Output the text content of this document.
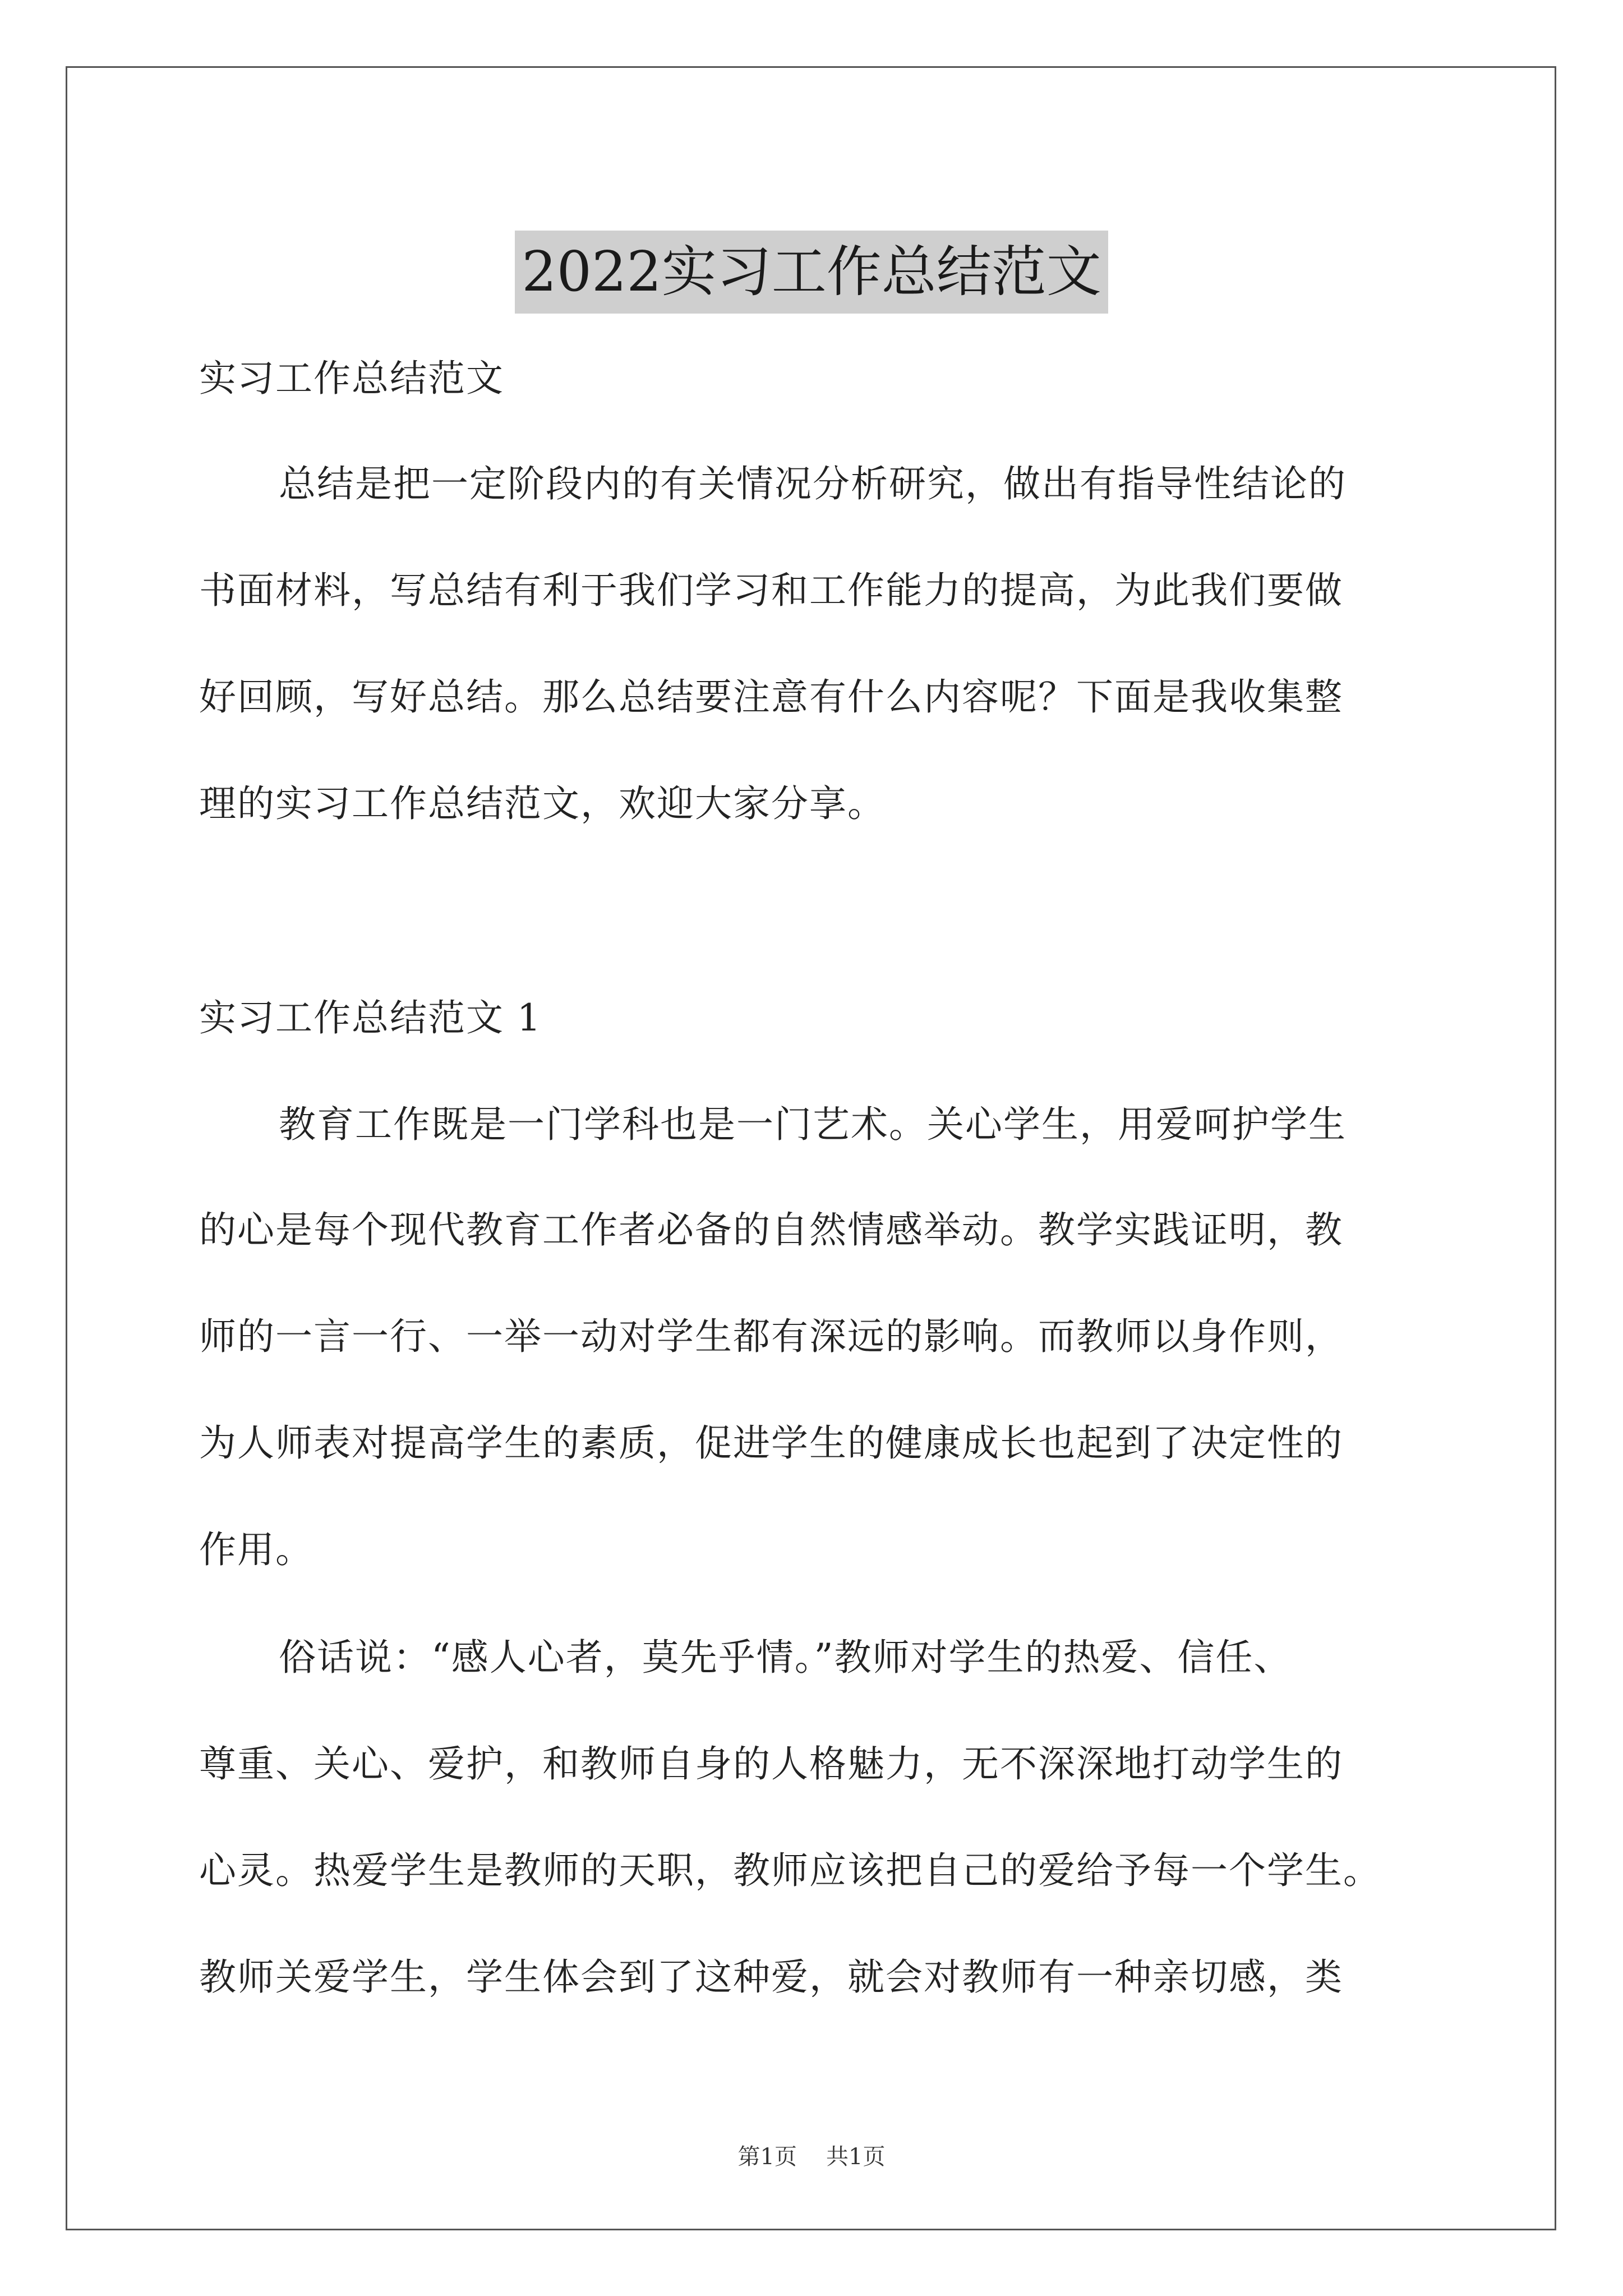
2022实习工作总结范文
实习工作总结范文
总结是把一定阶段内的有关情况分析研究，做出有指导性结论的
书面材料，写总结有利于我们学习和工作能力的提高，为此我们要做
好回顾，写好总结。那么总结要注意有什么内容呢？下面是我收集整
理的实习工作总结范文，欢迎大家分享。
实习工作总结范文 1
教育工作既是一门学科也是一门艺术。关心学生，用爱呵护学生
的心是每个现代教育工作者必备的自然情感举动。教学实践证明，教
师的一言一行、一举一动对学生都有深远的影响。而教师以身作则，
为人师表对提高学生的素质，促进学生的健康成长也起到了决定性的
作用。
俗话说：“感人心者，莫先乎情。”教师对学生的热爱、信任、
尊重、关心、爱护，和教师自身的人格魅力，无不深深地打动学生的
心灵。热爱学生是教师的天职，教师应该把自己的爱给予每一个学生。
教师关爱学生，学生体会到了这种爱，就会对教师有一种亲切感，类
第1页 共1页
